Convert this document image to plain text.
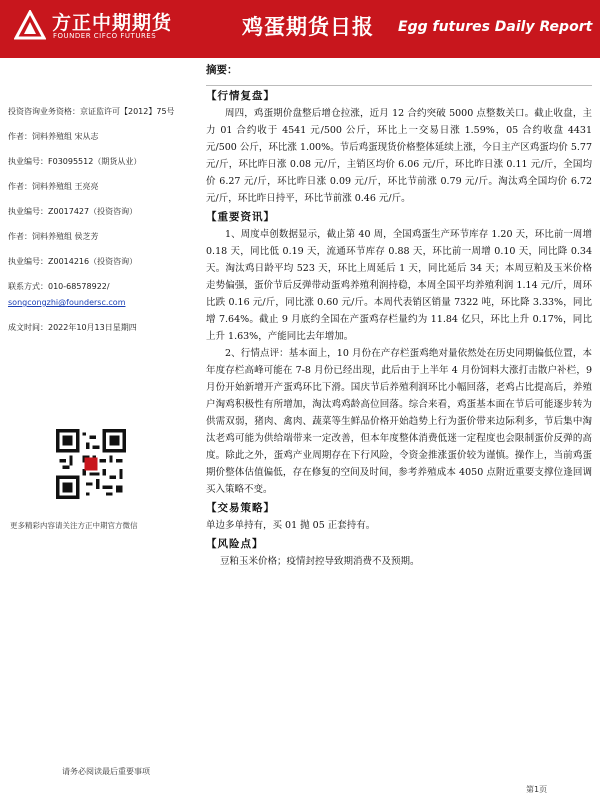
方正中期期货
FOUNDER CIFCO FUTURES	鸡蛋期货日报 Egg futures Daily Report
投资咨询业务资格：京证监许可【2012】75号
作者：饲料养殖组 宋从志
执业编号：F03095512（期货从业）
作者：饲料养殖组 王亮亮
执业编号：Z0017427（投资咨询）
作者：饲料养殖组 侯芝芳
执业编号：Z0014216（投资咨询）
联系方式：010-68578922/
songcongzhi@foundersc.com
成文时间：2022年10月13日星期四
更多精彩内容请关注方正中期官方微信
摘要：
【行情复盘】

周四，鸡蛋期价盘整后增仓拉涨，近月 12 合约突破 5000 点整数关口。截止收盘，主力 01 合约收于 4541 元/500 公斤，环比上一交易日涨 1.59%，05 合约收盘 4431 元/500 公斤，环比涨 1.00%。节后鸡蛋现货价格整体延续上涨，今日主产区鸡蛋均价 5.77 元/斤，环比昨日涨 0.08 元/斤，主销区均价 6.06 元/斤，环比昨日涨 0.11 元/斤，全国均价 6.27 元/斤，环比昨日涨 0.09 元/斤，环比节前涨 0.79 元/斤。淘汰鸡全国均价 6.72 元/斤，环比昨日持平，环比节前涨 0.46 元/斤。

【重要资讯】

1、周度卓创数据显示，截止第 40 周，全国鸡蛋生产环节库存 1.20 天，环比前一周增 0.18 天，同比低 0.19 天，流通环节库存 0.88 天，环比前一周增 0.10 天，同比降 0.34 天。淘汰鸡日龄平均 523 天，环比上周延后 1 天，同比延后 34 天；本周豆粕及玉米价格走势偏强，蛋价节后反弹带动蛋鸡养殖利润持稳，本周全国平均养殖利润 1.14 元/斤，周环比跌 0.16 元/斤，同比涨 0.60 元/斤。本周代表销区销量 7322 吨，环比降 3.33%，同比增 7.64%。截止 9 月底约全国在产蛋鸡存栏量约为 11.84 亿只，环比上升 0.17%，同比上升 1.63%，产能同比去年增加。

2、行情点评：基本面上，10 月份在产存栏蛋鸡绝对量依然处在历史同期偏低位置，本年度存栏高峰可能在 7-8 月份已经出现，此后由于上半年 4 月份饲料大涨打击散户补栏，9 月份开始新增开产蛋鸡环比下滑。国庆节后养殖利润环比小幅回落，老鸡占比提高后，养殖户淘鸡积极性有所增加，淘汰鸡鸡龄高位回落。综合来看，鸡蛋基本面在节后可能逐步转为供需双弱，猪肉、禽肉、蔬菜等生鲜品价格开始趋势上行为蛋价带来边际利多，节后集中淘汰老鸡可能为供给端带来一定改善，但本年度整体消费低迷一定程度也会限制蛋价反弹的高度。除此之外，蛋鸡产业周期存在下行风险，令资金推涨蛋价较为谨慎。操作上，当前鸡蛋期价整体估值偏低，存在修复的空间及时间，参考养殖成本 4050 点附近重要支撑位逢回调买入策略不变。

【交易策略】

单边多单持有，买 01 抛 05 正套持有。

【风险点】

豆粕玉米价格；疫情封控导致期消费不及预期。

请务必阅读最后重要事项
第1页
